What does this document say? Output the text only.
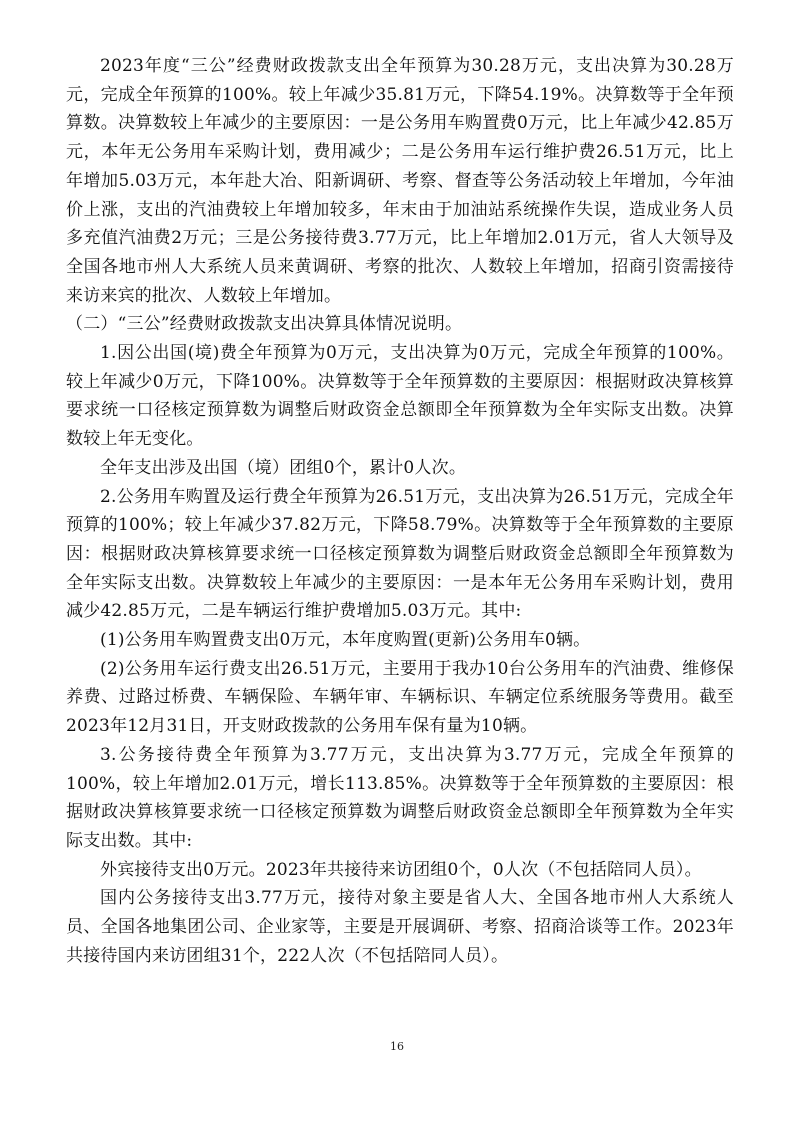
2023年度“三公”经费财政拨款支出全年预算为30.28万元，支出决算为30.28万元，完成全年预算的100%。较上年减少35.81万元，下降54.19%。决算数等于全年预算数。决算数较上年减少的主要原因：一是公务用车购置费0万元，比上年减少42.85万元，本年无公务用车采购计划，费用减少；二是公务用车运行维护费26.51万元，比上年增加5.03万元，本年赴大冶、阳新调研、考察、督查等公务活动较上年增加，今年油价上涨，支出的汽油费较上年增加较多，年末由于加油站系统操作失误，造成业务人员多充值汽油费2万元；三是公务接待费3.77万元，比上年增加2.01万元，省人大领导及全国各地市州人大系统人员来黄调研、考察的批次、人数较上年增加，招商引资需接待来访来宾的批次、人数较上年增加。

（二）“三公”经费财政拨款支出决算具体情况说明。

1.因公出国(境)费全年预算为0万元，支出决算为0万元，完成全年预算的100%。较上年减少0万元，下降100%。决算数等于全年预算数的主要原因：根据财政决算核算要求统一口径核定预算数为调整后财政资金总额即全年预算数为全年实际支出数。决算数较上年无变化。

全年支出涉及出国（境）团组0个，累计0人次。

2.公务用车购置及运行费全年预算为26.51万元，支出决算为26.51万元，完成全年预算的100%；较上年减少37.82万元，下降58.79%。决算数等于全年预算数的主要原因：根据财政决算核算要求统一口径核定预算数为调整后财政资金总额即全年预算数为全年实际支出数。决算数较上年减少的主要原因：一是本年无公务用车采购计划，费用减少42.85万元，二是车辆运行维护费增加5.03万元。其中:

(1)公务用车购置费支出0万元，本年度购置(更新)公务用车0辆。

(2)公务用车运行费支出26.51万元，主要用于我办10台公务用车的汽油费、维修保养费、过路过桥费、车辆保险、车辆年审、车辆标识、车辆定位系统服务等费用。截至2023年12月31日，开支财政拨款的公务用车保有量为10辆。

3.公务接待费全年预算为3.77万元，支出决算为3.77万元，完成全年预算的100%，较上年增加2.01万元，增长113.85%。决算数等于全年预算数的主要原因：根据财政决算核算要求统一口径核定预算数为调整后财政资金总额即全年预算数为全年实际支出数。其中:

外宾接待支出0万元。2023年共接待来访团组0个，0人次（不包括陪同人员）。

国内公务接待支出3.77万元，接待对象主要是省人大、全国各地市州人大系统人员、全国各地集团公司、企业家等，主要是开展调研、考察、招商洽谈等工作。2023年共接待国内来访团组31个，222人次（不包括陪同人员）。

16
